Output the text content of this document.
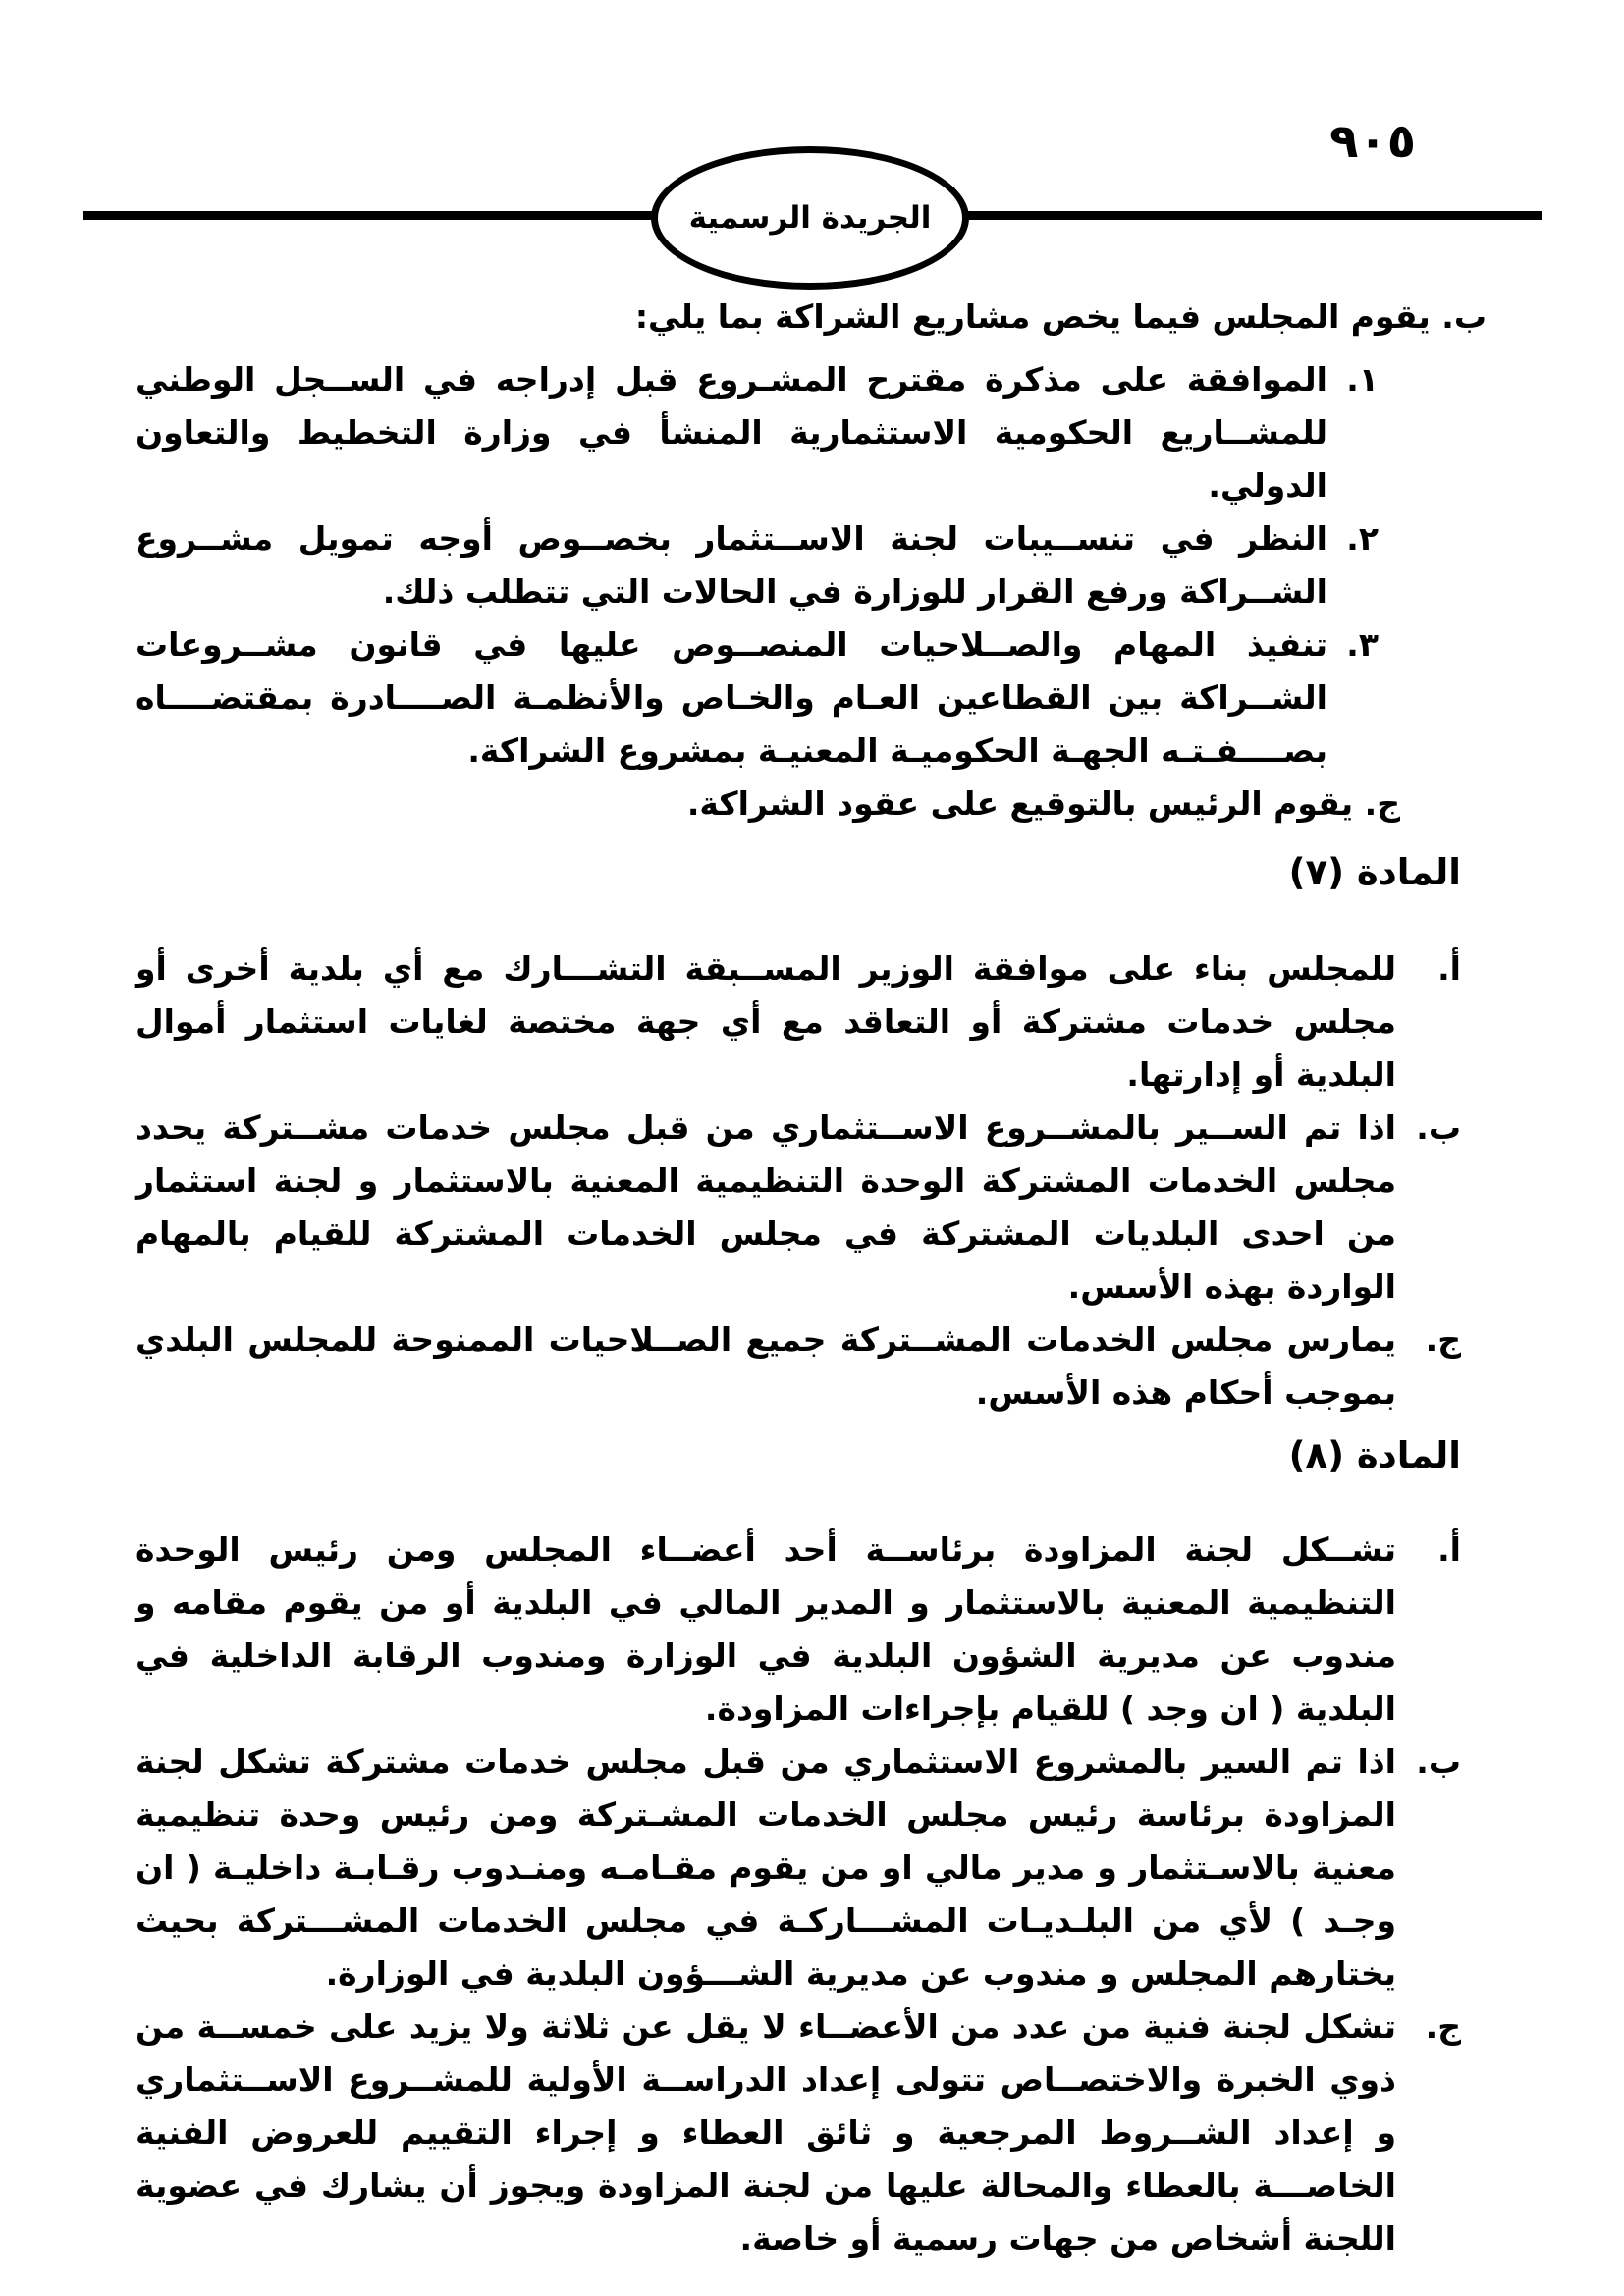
٩٠٥
الجريدة الرسمية

ب. يقوم المجلس فيما يخص مشاريع الشراكة بما يلي:

١.
الموافقة على مذكرة مقترح المشـروع قبل إدراجه في الســجل الوطني للمشــاريع الحكومية الاستثمارية المنشأ في وزارة التخطيط والتعاون الدولي.

٢.
النظر في تنســيبات لجنة الاســتثمار بخصــوص أوجه تمويل مشــروع الشــراكة ورفع القرار للوزارة في الحالات التي تتطلب ذلك.

٣.
تنفيذ المهام والصــلاحيات المنصــوص عليها في قانون مشــروعات الشــراكة بين القطاعين العـام والخـاص والأنظمـة الصــــادرة بمقتضــــاه بصــــفـتـه الجهـة الحكوميـة المعنيـة بمشروع الشراكة.

ج. يقوم الرئيس بالتوقيع على عقود الشراكة.

المادة (٧)

أ.
للمجلس بناء على موافقة الوزير المســبقة التشـــارك مع أي بلدية أخرى أو مجلس خدمات مشتركة أو التعاقد مع أي جهة مختصة لغايات استثمار أموال البلدية أو إدارتها.

ب.
اذا تم الســير بالمشــروع الاســتثماري من قبل مجلس خدمات مشــتركة يحدد مجلس الخدمات المشتركة الوحدة التنظيمية المعنية بالاستثمار و لجنة استثمار من احدى البلديات المشتركة في مجلس الخدمات المشتركة للقيام بالمهام الواردة بهذه الأسس.

ج.
يمارس مجلس الخدمات المشــتركة جميع الصــلاحيات الممنوحة للمجلس البلدي بموجب أحكام هذه الأسس.

المادة (٨)

أ.
تشــكل لجنة المزاودة برئاســة أحد أعضــاء المجلس ومن رئيس الوحدة التنظيمية المعنية بالاستثمار و المدير المالي في البلدية أو من يقوم مقامه و مندوب عن مديرية الشؤون البلدية في الوزارة ومندوب الرقابة الداخلية في البلدية ( ان وجد ) للقيام بإجراءات المزاودة.

ب.
اذا تم السير بالمشروع الاستثماري من قبل مجلس خدمات مشتركة تشكل لجنة المزاودة برئاسة رئيس مجلس الخدمات المشـتركة ومن رئيس وحدة تنظيمية معنية بالاسـتثمار و مدير مالي او من يقوم مقـامـه ومنـدوب رقـابـة داخليـة ( ان وجـد ) لأي من البلـديـات المشـــاركـة في مجلس الخدمات المشـــتركة بحيث يختارهم المجلس و مندوب عن مديرية الشـــؤون البلدية في الوزارة.

ج.
تشكل لجنة فنية من عدد من الأعضــاء لا يقل عن ثلاثة ولا يزيد على خمســة من ذوي الخبرة والاختصــاص تتولى إعداد الدراســة الأولية للمشــروع الاســتثماري و إعداد الشــروط المرجعية و ثائق العطاء و إجراء التقييم للعروض الفنية الخاصـــة بالعطاء والمحالة عليها من لجنة المزاودة ويجوز أن يشارك في عضوية اللجنة أشخاص من جهات رسمية أو خاصة.
